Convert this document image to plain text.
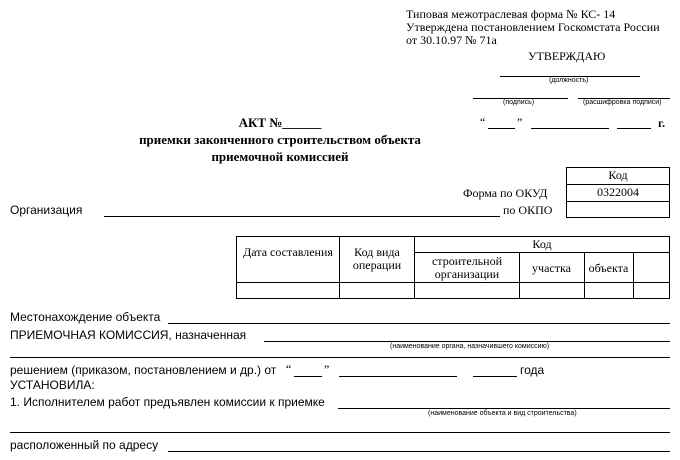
Типовая межотраслевая форма № КС- 14
Утверждена постановлением Госкомстата России
от 30.10.97 № 71а
УТВЕРЖДАЮ
(должность)
(подпись)	(расшифровка подписи)
“	”	г.
АКТ №______
приемки законченного строительством объекта
приемочной комиссией
Код
0322004
Форма по ОКУД
по ОКПО
Организация
Дата составления	Код вида операции
Код
строительной организации	участка	объекта
Местонахождение объекта
ПРИЕМОЧНАЯ КОМИССИЯ, назначенная
(наименование органа, назначившего комиссию)
решением (приказом, постановлением и др.) от “	”	года
УСТАНОВИЛА:
1. Исполнителем работ предъявлен комиссии к приемке
(наименование объекта и вид строительства)
расположенный по адресу
